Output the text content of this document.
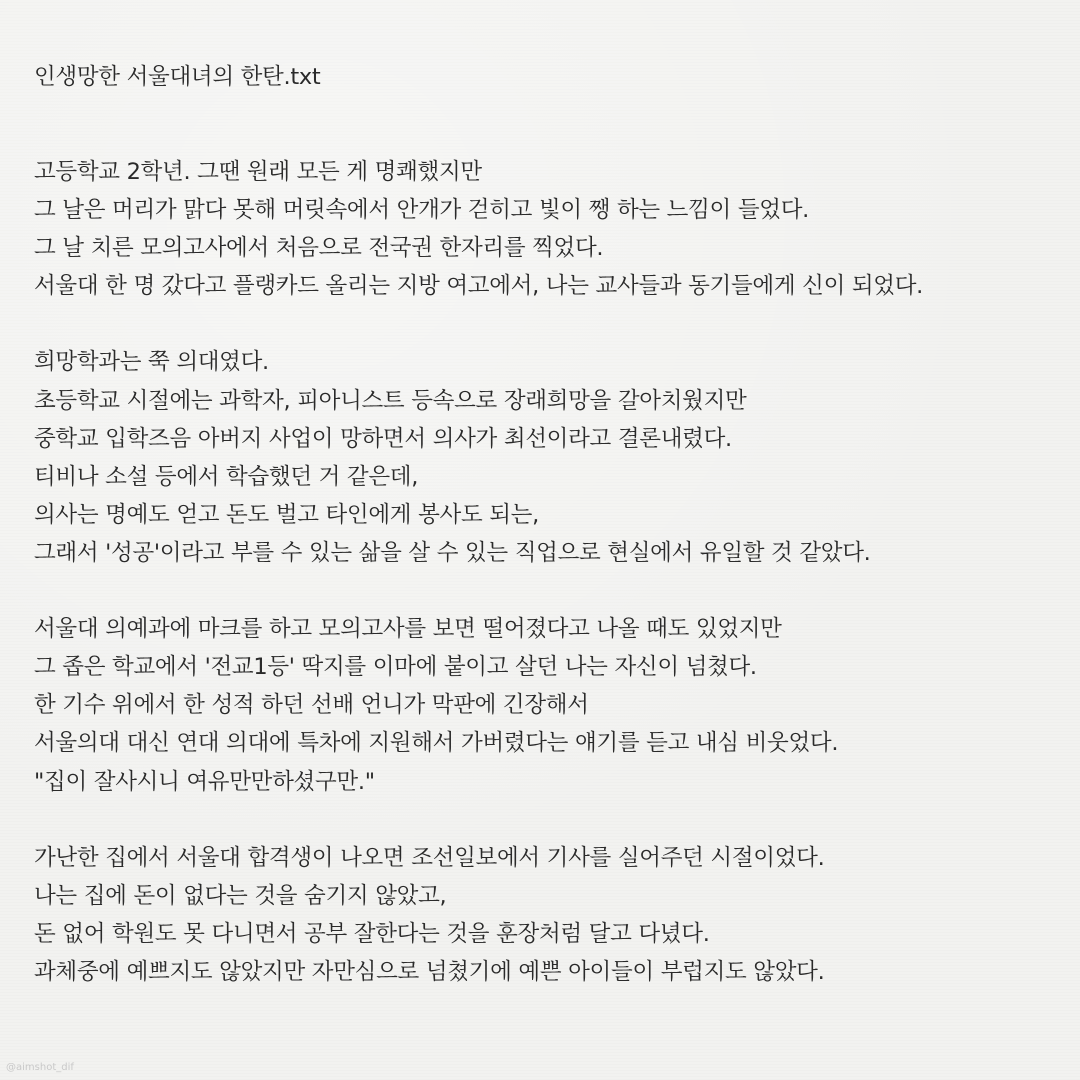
인생망한 서울대녀의 한탄.txt
고등학교 2학년. 그땐 원래 모든 게 명쾌했지만
그 날은 머리가 맑다 못해 머릿속에서 안개가 걷히고 빛이 쨍 하는 느낌이 들었다.
그 날 치른 모의고사에서 처음으로 전국권 한자리를 찍었다.
서울대 한 명 갔다고 플랭카드 올리는 지방 여고에서, 나는 교사들과 동기들에게 신이 되었다.
희망학과는 쭉 의대였다.
초등학교 시절에는 과학자, 피아니스트 등속으로 장래희망을 갈아치웠지만
중학교 입학즈음 아버지 사업이 망하면서 의사가 최선이라고 결론내렸다.
티비나 소설 등에서 학습했던 거 같은데,
의사는 명예도 얻고 돈도 벌고 타인에게 봉사도 되는,
그래서 '성공'이라고 부를 수 있는 삶을 살 수 있는 직업으로 현실에서 유일할 것 같았다.
서울대 의예과에 마크를 하고 모의고사를 보면 떨어졌다고 나올 때도 있었지만
그 좁은 학교에서 '전교1등' 딱지를 이마에 붙이고 살던 나는 자신이 넘쳤다.
한 기수 위에서 한 성적 하던 선배 언니가 막판에 긴장해서
서울의대 대신 연대 의대에 특차에 지원해서 가버렸다는 얘기를 듣고 내심 비웃었다.
"집이 잘사시니 여유만만하셨구만."
가난한 집에서 서울대 합격생이 나오면 조선일보에서 기사를 실어주던 시절이었다.
나는 집에 돈이 없다는 것을 숨기지 않았고,
돈 없어 학원도 못 다니면서 공부 잘한다는 것을 훈장처럼 달고 다녔다.
과체중에 예쁘지도 않았지만 자만심으로 넘쳤기에 예쁜 아이들이 부럽지도 않았다.
@aimshot_dif
